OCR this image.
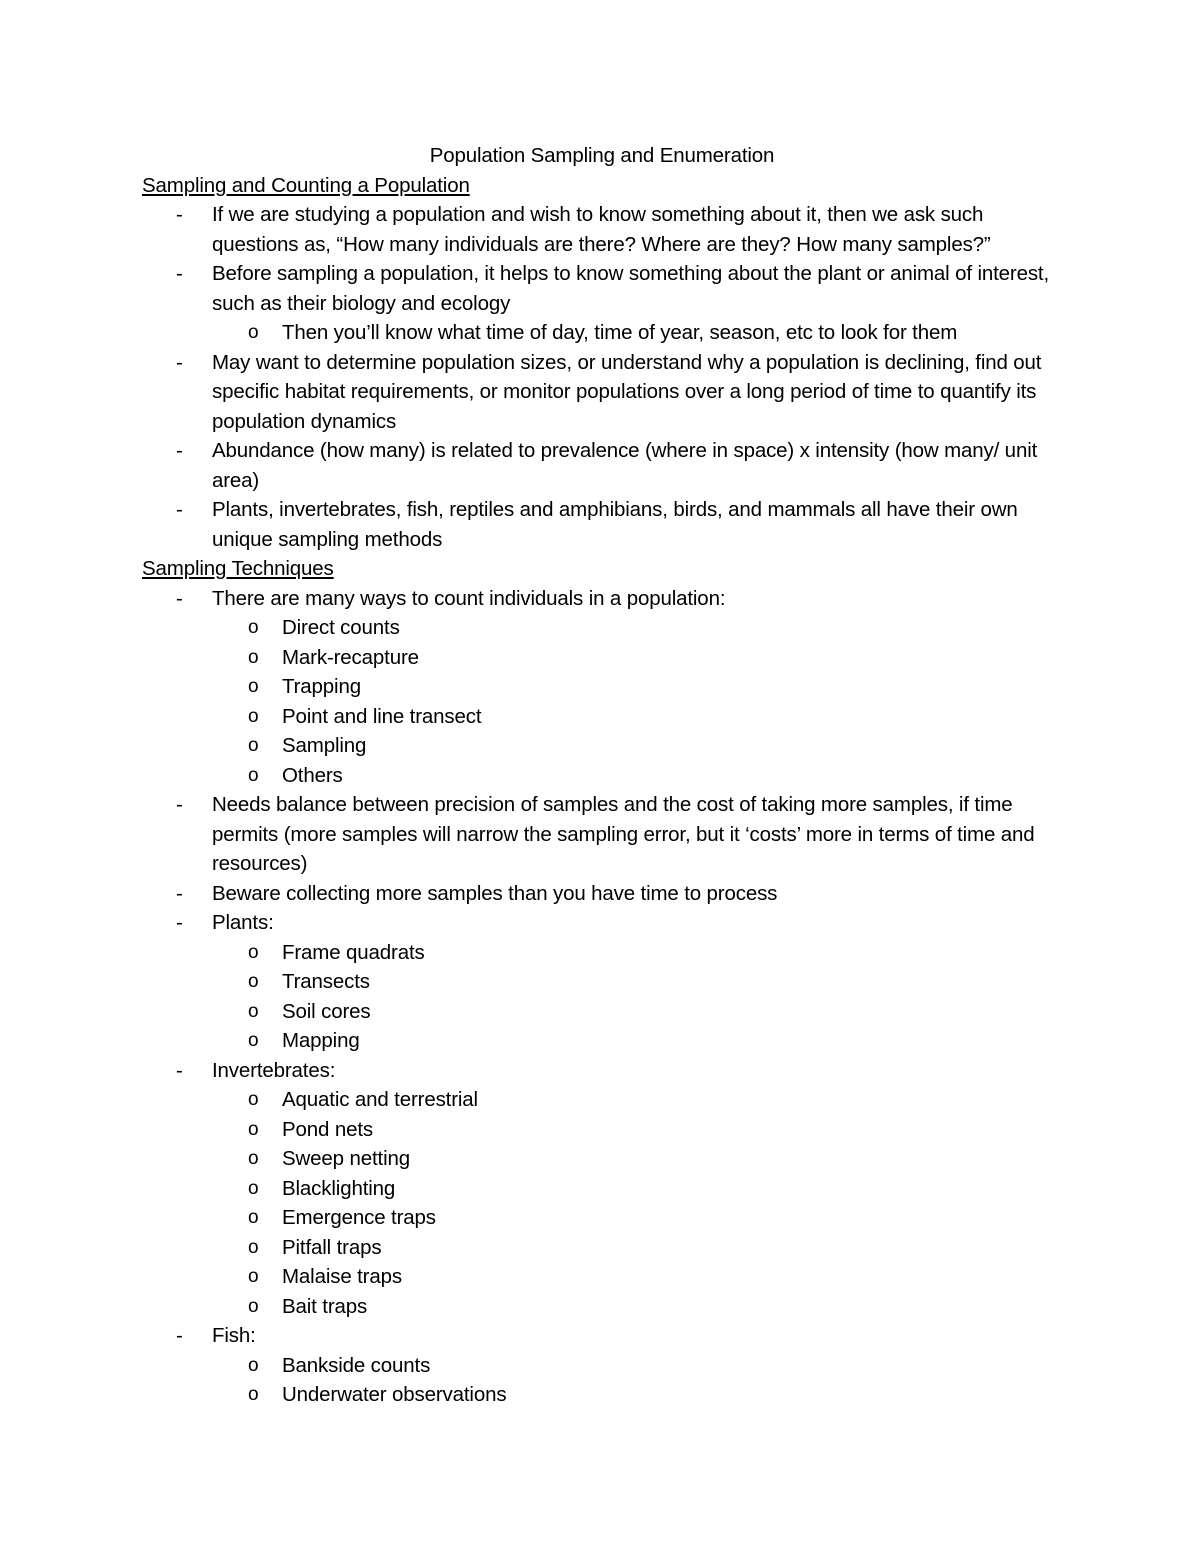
Population Sampling and Enumeration
Sampling and Counting a Population
- If we are studying a population and wish to know something about it, then we ask such questions as, “How many individuals are there? Where are they? How many samples?”
- Before sampling a population, it helps to know something about the plant or animal of interest, such as their biology and ecology
o Then you’ll know what time of day, time of year, season, etc to look for them
- May want to determine population sizes, or understand why a population is declining, find out specific habitat requirements, or monitor populations over a long period of time to quantify its population dynamics
- Abundance (how many) is related to prevalence (where in space) x intensity (how many/ unit area)
- Plants, invertebrates, fish, reptiles and amphibians, birds, and mammals all have their own unique sampling methods
Sampling Techniques
- There are many ways to count individuals in a population:
o Direct counts
o Mark-recapture
o Trapping
o Point and line transect
o Sampling
o Others
- Needs balance between precision of samples and the cost of taking more samples, if time permits (more samples will narrow the sampling error, but it ‘costs’ more in terms of time and resources)
- Beware collecting more samples than you have time to process
- Plants:
o Frame quadrats
o Transects
o Soil cores
o Mapping
- Invertebrates:
o Aquatic and terrestrial
o Pond nets
o Sweep netting
o Blacklighting
o Emergence traps
o Pitfall traps
o Malaise traps
o Bait traps
- Fish:
o Bankside counts
o Underwater observations
